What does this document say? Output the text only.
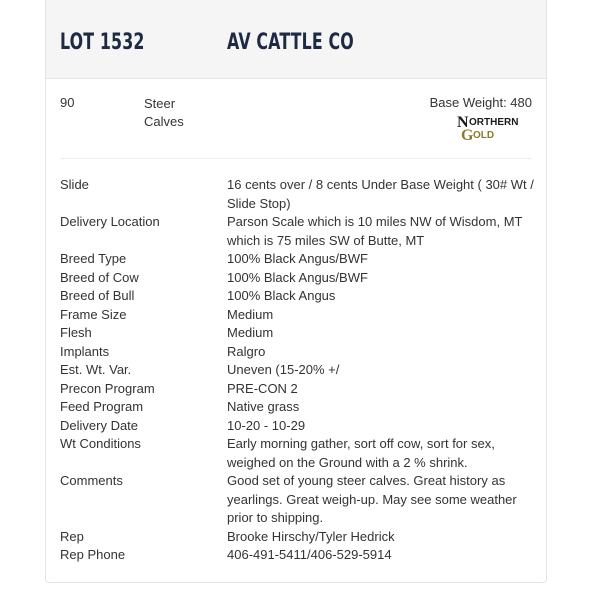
LOT 1532	AV CATTLE CO
90	Steer
Calves
Base Weight: 480
N ORTHERN
G OLD
Slide	16 cents over / 8 cents Under Base Weight ( 30# Wt / Slide Stop)
Delivery Location	Parson Scale which is 10 miles NW of Wisdom, MT which is 75 miles SW of Butte, MT
Breed Type	100% Black Angus/BWF
Breed of Cow	100% Black Angus/BWF
Breed of Bull	100% Black Angus
Frame Size	Medium
Flesh	Medium
Implants	Ralgro
Est. Wt. Var.	Uneven (15-20% +/
Precon Program	PRE-CON 2
Feed Program	Native grass
Delivery Date	10-20 - 10-29
Wt Conditions	Early morning gather, sort off cow, sort for sex, weighed on the Ground with a 2 % shrink.
Comments	Good set of young steer calves. Great history as yearlings. Great weigh-up. May see some weather prior to shipping.
Rep	Brooke Hirschy/Tyler Hedrick
Rep Phone	406-491-5411/406-529-5914
